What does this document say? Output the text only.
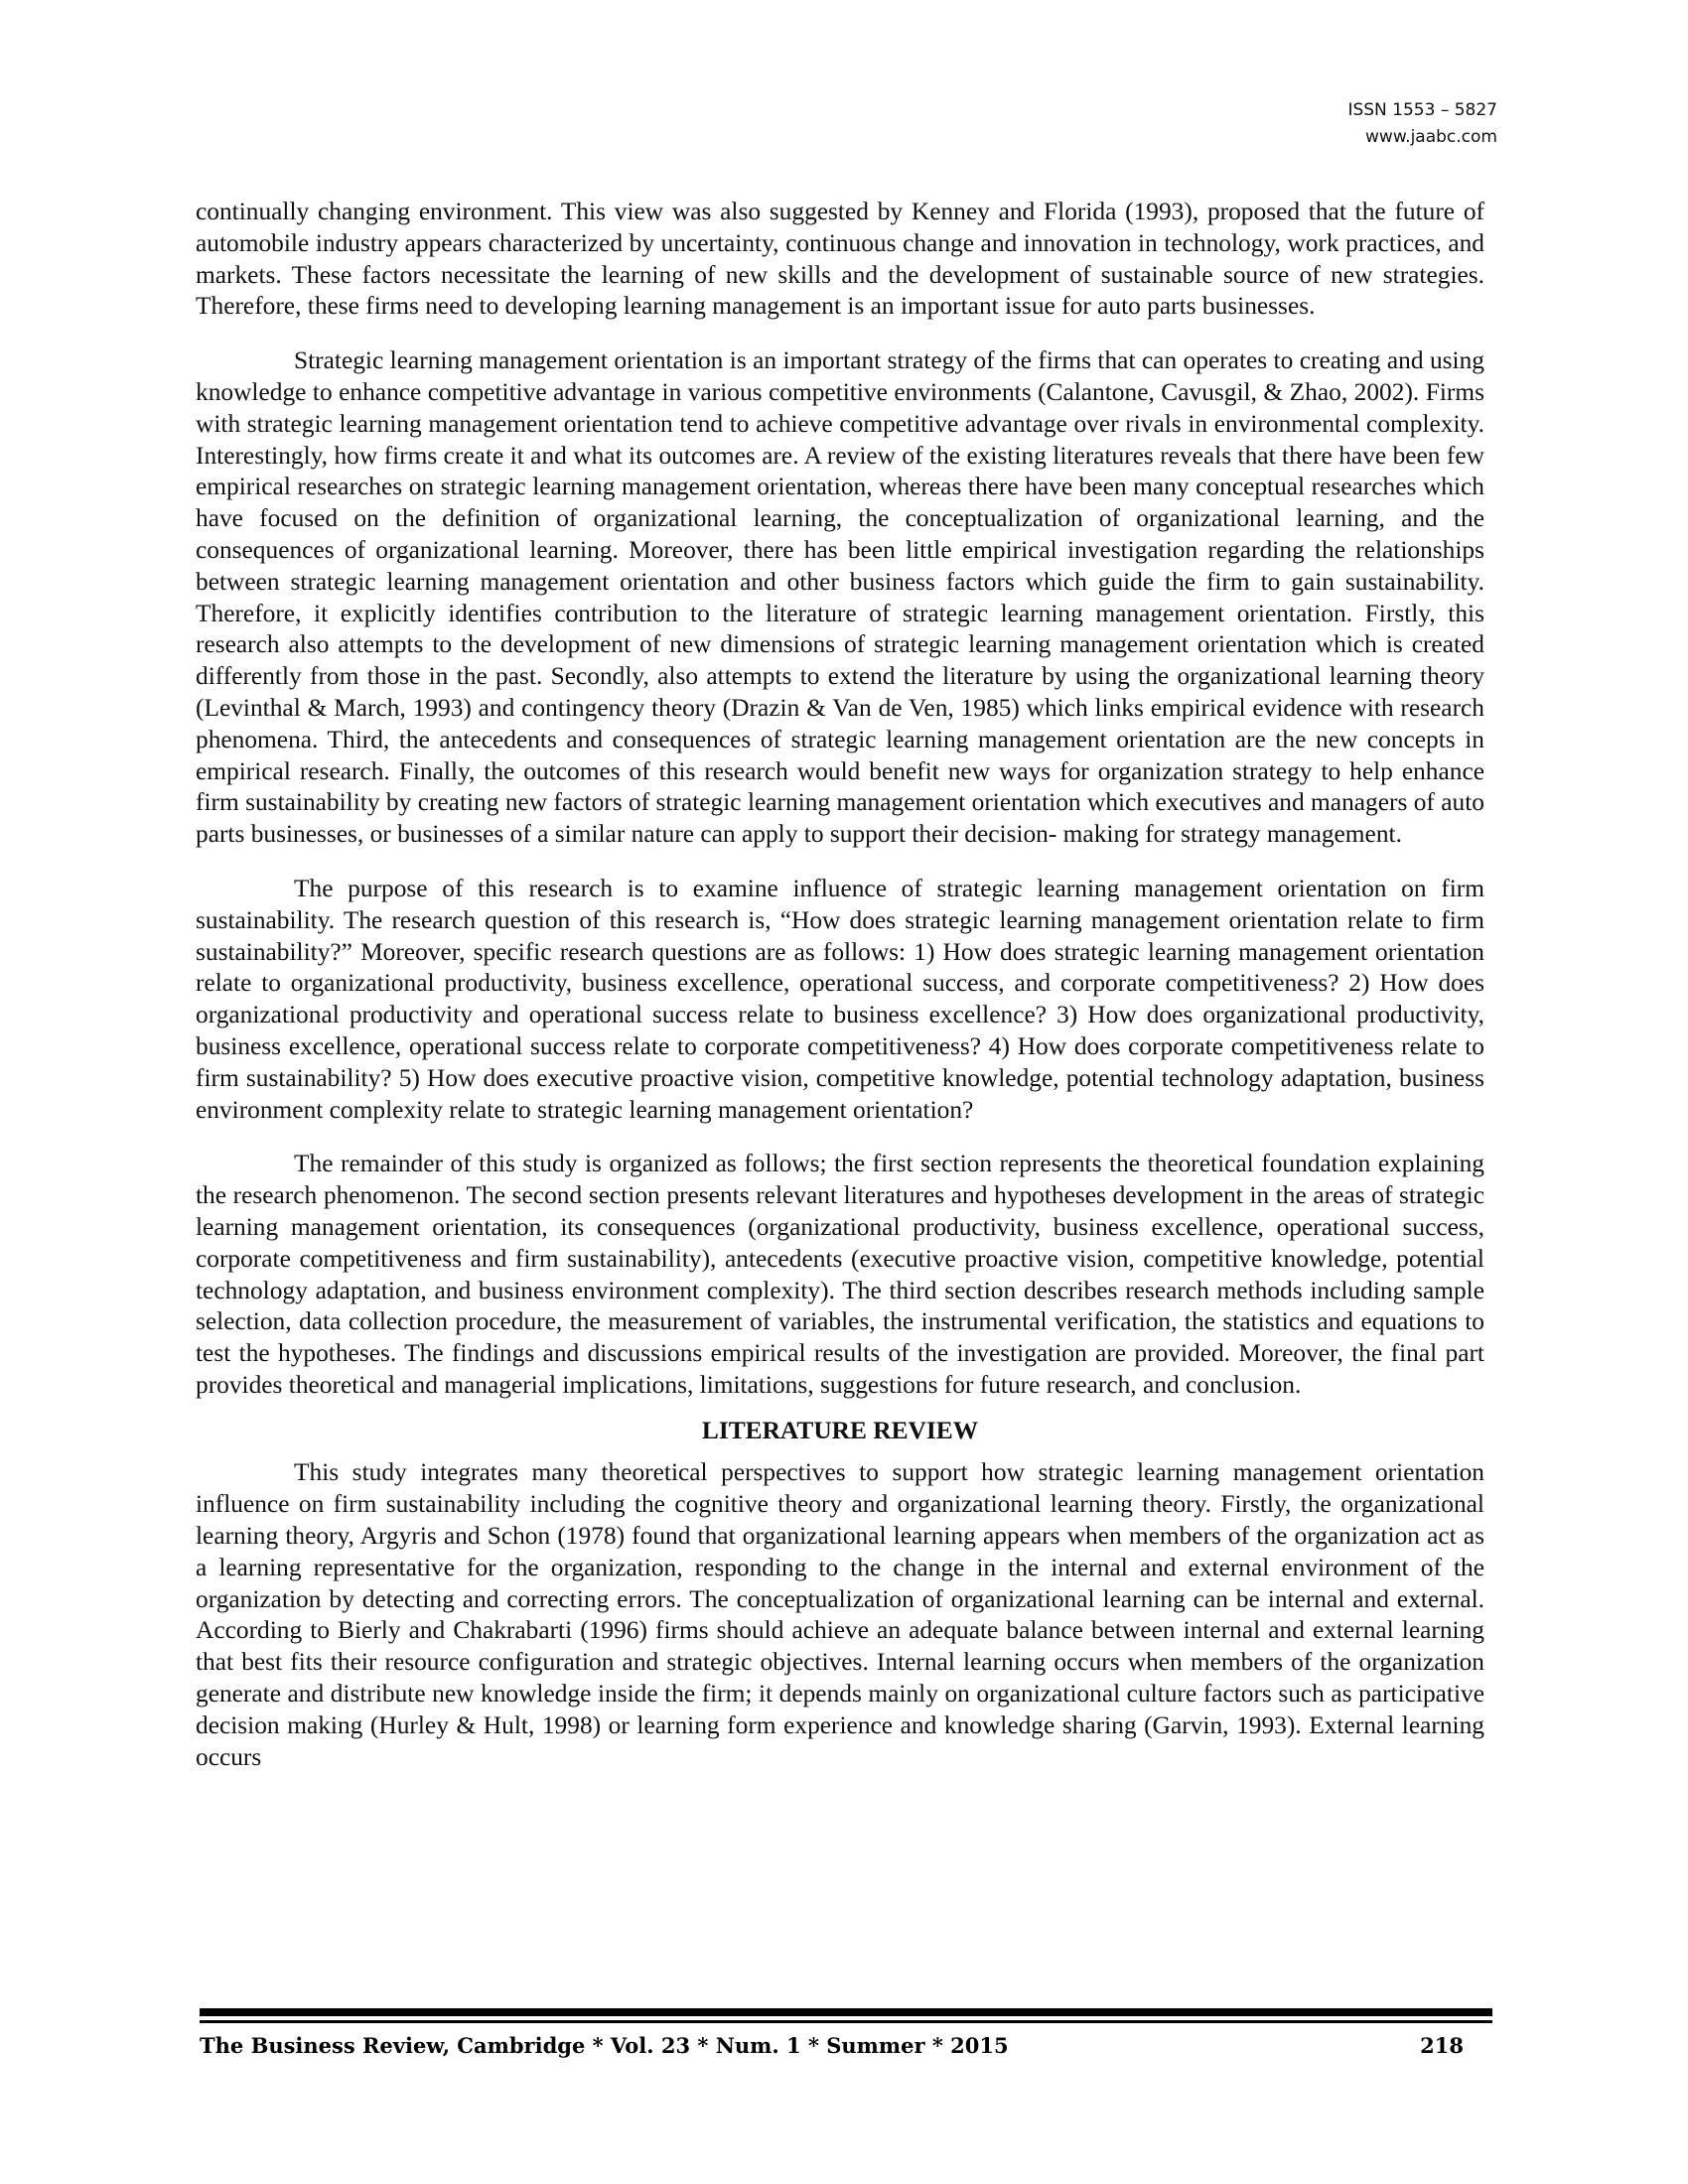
ISSN 1553 – 5827
www.jaabc.com

continually changing environment. This view was also suggested by Kenney and Florida (1993), proposed that the future of automobile industry appears characterized by uncertainty, continuous change and innovation in technology, work practices, and markets. These factors necessitate the learning of new skills and the development of sustainable source of new strategies. Therefore, these firms need to developing learning management is an important issue for auto parts businesses.

Strategic learning management orientation is an important strategy of the firms that can operates to creating and using knowledge to enhance competitive advantage in various competitive environments (Calantone, Cavusgil, & Zhao, 2002). Firms with strategic learning management orientation tend to achieve competitive advantage over rivals in environmental complexity. Interestingly, how firms create it and what its outcomes are. A review of the existing literatures reveals that there have been few empirical researches on strategic learning management orientation, whereas there have been many conceptual researches which have focused on the definition of organizational learning, the conceptualization of organizational learning, and the consequences of organizational learning. Moreover, there has been little empirical investigation regarding the relationships between strategic learning management orientation and other business factors which guide the firm to gain sustainability. Therefore, it explicitly identifies contribution to the literature of strategic learning management orientation. Firstly, this research also attempts to the development of new dimensions of strategic learning management orientation which is created differently from those in the past. Secondly, also attempts to extend the literature by using the organizational learning theory (Levinthal & March, 1993) and contingency theory (Drazin & Van de Ven, 1985) which links empirical evidence with research phenomena. Third, the antecedents and consequences of strategic learning management orientation are the new concepts in empirical research. Finally, the outcomes of this research would benefit new ways for organization strategy to help enhance firm sustainability by creating new factors of strategic learning management orientation which executives and managers of auto parts businesses, or businesses of a similar nature can apply to support their decision- making for strategy management.

The purpose of this research is to examine influence of strategic learning management orientation on firm sustainability. The research question of this research is, “How does strategic learning management orientation relate to firm sustainability?” Moreover, specific research questions are as follows: 1) How does strategic learning management orientation relate to organizational productivity, business excellence, operational success, and corporate competitiveness? 2) How does organizational productivity and operational success relate to business excellence? 3) How does organizational productivity, business excellence, operational success relate to corporate competitiveness? 4) How does corporate competitiveness relate to firm sustainability? 5) How does executive proactive vision, competitive knowledge, potential technology adaptation, business environment complexity relate to strategic learning management orientation?

The remainder of this study is organized as follows; the first section represents the theoretical foundation explaining the research phenomenon. The second section presents relevant literatures and hypotheses development in the areas of strategic learning management orientation, its consequences (organizational productivity, business excellence, operational success, corporate competitiveness and firm sustainability), antecedents (executive proactive vision, competitive knowledge, potential technology adaptation, and business environment complexity). The third section describes research methods including sample selection, data collection procedure, the measurement of variables, the instrumental verification, the statistics and equations to test the hypotheses. The findings and discussions empirical results of the investigation are provided. Moreover, the final part provides theoretical and managerial implications, limitations, suggestions for future research, and conclusion.

LITERATURE REVIEW

This study integrates many theoretical perspectives to support how strategic learning management orientation influence on firm sustainability including the cognitive theory and organizational learning theory. Firstly, the organizational learning theory, Argyris and Schon (1978) found that organizational learning appears when members of the organization act as a learning representative for the organization, responding to the change in the internal and external environment of the organization by detecting and correcting errors. The conceptualization of organizational learning can be internal and external. According to Bierly and Chakrabarti (1996) firms should achieve an adequate balance between internal and external learning that best fits their resource configuration and strategic objectives. Internal learning occurs when members of the organization generate and distribute new knowledge inside the firm; it depends mainly on organizational culture factors such as participative decision making (Hurley & Hult, 1998) or learning form experience and knowledge sharing (Garvin, 1993). External learning occurs

The Business Review, Cambridge * Vol. 23 * Num. 1 * Summer * 2015	218
